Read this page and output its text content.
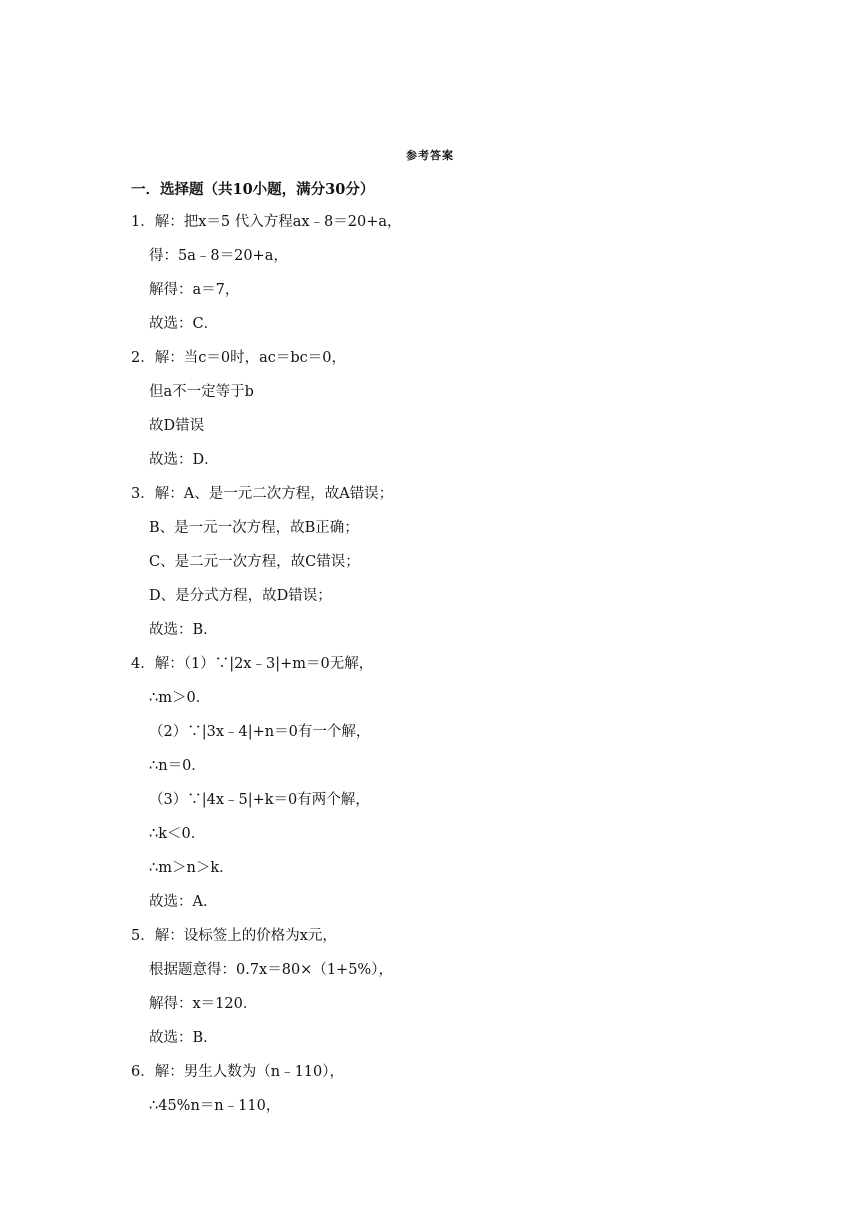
参考答案
一．选择题（共10小题，满分30分）
1．解：把x＝5 代入方程ax﹣8＝20+a，
得：5a﹣8＝20+a，
解得：a＝7，
故选：C．
2．解：当c＝0时，ac＝bc＝0，
但a不一定等于b
故D错误
故选：D．
3．解：A、是一元二次方程，故A错误；
B、是一元一次方程，故B正确；
C、是二元一次方程，故C错误；
D、是分式方程，故D错误；
故选：B．
4．解：（1）∵|2x﹣3|+m＝0无解，
∴m＞0．
（2）∵|3x﹣4|+n＝0有一个解，
∴n＝0．
（3）∵|4x﹣5|+k＝0有两个解，
∴k＜0．
∴m＞n＞k．
故选：A．
5．解：设标签上的价格为x元，
根据题意得：0.7x＝80×（1+5%），
解得：x＝120．
故选：B．
6．解：男生人数为（n﹣110），
∴45%n＝n﹣110，
